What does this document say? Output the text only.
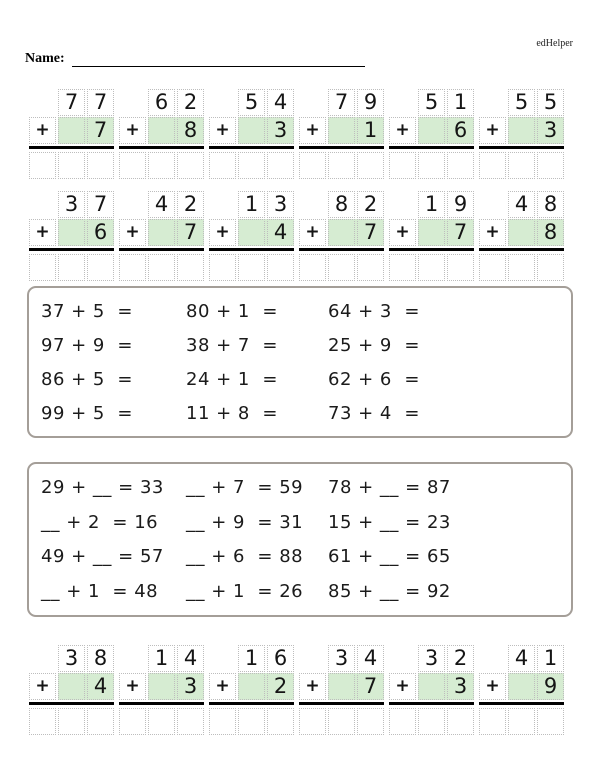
edHelper
Name:
7 7
+	7
6 2
+	8
5 4
+	3
7 9
+	1
5 1
+	6
5 5
+	3
3 7
+	6
4 2
+	7
1 3
+	4
8 2
+	7
1 9
+	7
4 8
+	8
37 + 5  =	80 + 1  =	64 + 3  =
97 + 9  =	38 + 7  =	25 + 9  =
86 + 5  =	24 + 1  =	62 + 6  =
99 + 5  =	11 + 8  =	73 + 4  =
29 + __ = 33	__ + 7  = 59	78 + __ = 87
__ + 2  = 16	__ + 9  = 31	15 + __ = 23
49 + __ = 57	__ + 6  = 88	61 + __ = 65
__ + 1  = 48	__ + 1  = 26	85 + __ = 92
3 8
+	4
1 4
+	3
1 6
+	2
3 4
+	7
3 2
+	3
4 1
+	9
